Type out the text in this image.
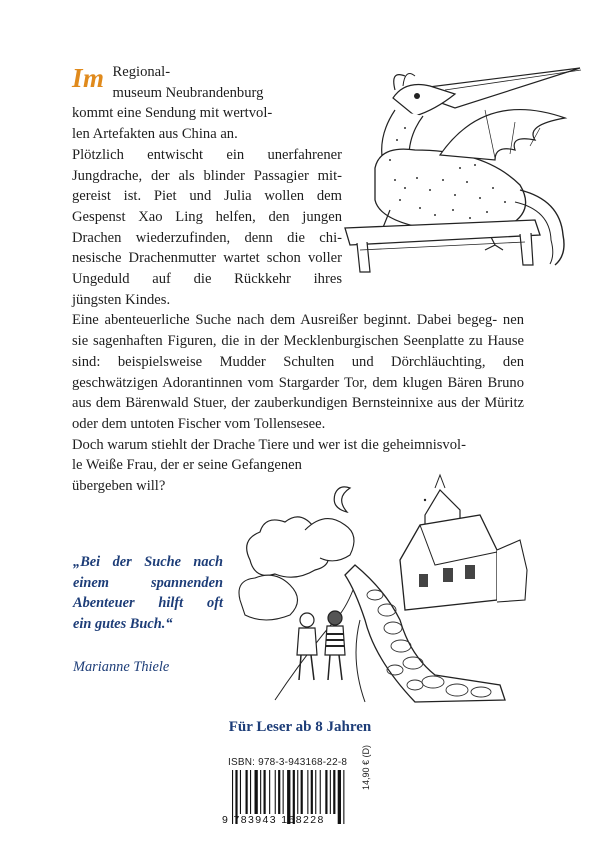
Im Regional-
museum Neubrandenburg
kommt eine Sendung mit wertvol-
len Artefakten aus China an.
Plötzlich entwischt ein unerfahrener Jungdrache, der als blinder Passagier mit- gereist ist. Piet und Julia wollen dem Gespenst Xao Ling helfen, den jungen Drachen wiederzufinden, denn die chi- nesische Drachenmutter wartet schon voller Ungeduld auf die Rückkehr ihres
jüngsten Kindes.
Eine abenteuerliche Suche nach dem Ausreißer beginnt. Dabei begeg- nen sie sagenhaften Figuren, die in der Mecklenburgischen Seenplatte zu Hause sind: beispielsweise Mudder Schulten und Dörchläuchting, den geschwätzigen Adorantinnen vom Stargarder Tor, dem klugen Bären Bruno aus dem Bärenwald Stuer, der zauberkundigen Bernsteinnixe aus der Müritz oder dem untoten Fischer vom Tollensesee.
Doch warum stiehlt der Drache Tiere und wer ist die geheimnisvol-
le Weiße Frau, der er seine Gefangenen
übergeben will?
„Bei der Suche nach
einem spannenden
Abenteuer hilft oft
ein gutes Buch.“
Marianne Thiele
Für Leser ab 8 Jahren
ISBN: 978-3-943168-22-8
9 783943 168228
14,90 € (D)
